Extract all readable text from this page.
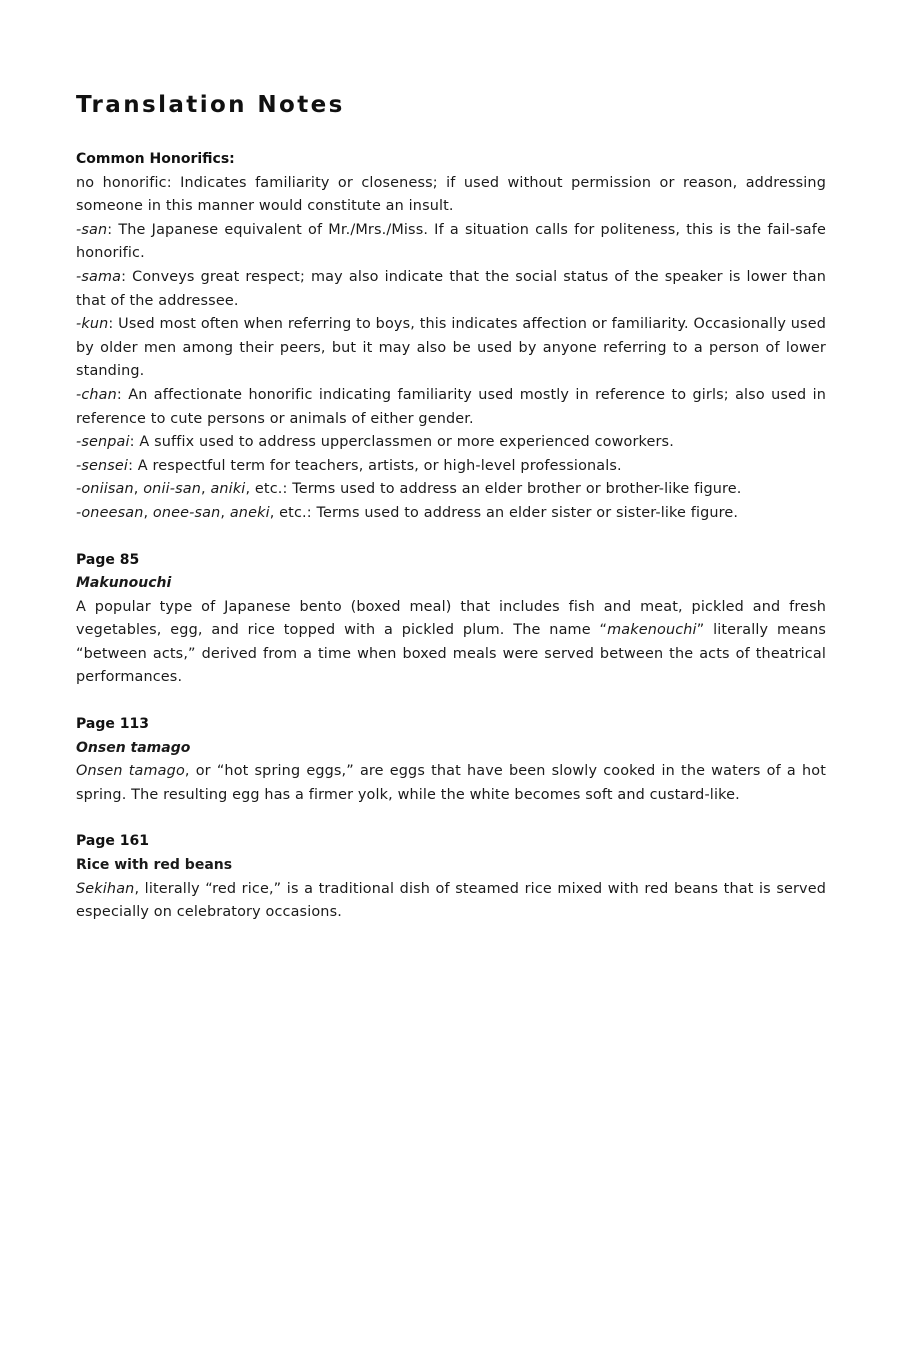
Translation Notes
Common Honorifics:
no honorific: Indicates familiarity or closeness; if used without permission or reason, addressing someone in this manner would constitute an insult.
-san: The Japanese equivalent of Mr./Mrs./Miss. If a situation calls for politeness, this is the fail-safe honorific.
-sama: Conveys great respect; may also indicate that the social status of the speaker is lower than that of the addressee.
-kun: Used most often when referring to boys, this indicates affection or familiarity. Occasionally used by older men among their peers, but it may also be used by anyone referring to a person of lower standing.
-chan: An affectionate honorific indicating familiarity used mostly in reference to girls; also used in reference to cute persons or animals of either gender.
-senpai: A suffix used to address upperclassmen or more experienced coworkers.
-sensei: A respectful term for teachers, artists, or high-level professionals.
-oniisan, onii-san, aniki, etc.: Terms used to address an elder brother or brother-like figure.
-oneesan, onee-san, aneki, etc.: Terms used to address an elder sister or sister-like figure.
Page 85
Makunouchi
A popular type of Japanese bento (boxed meal) that includes fish and meat, pickled and fresh vegetables, egg, and rice topped with a pickled plum. The name “makenouchi” literally means “between acts,” derived from a time when boxed meals were served between the acts of theatrical performances.
Page 113
Onsen tamago
Onsen tamago, or “hot spring eggs,” are eggs that have been slowly cooked in the waters of a hot spring. The resulting egg has a firmer yolk, while the white becomes soft and custard-like.
Page 161
Rice with red beans
Sekihan, literally “red rice,” is a traditional dish of steamed rice mixed with red beans that is served especially on celebratory occasions.
